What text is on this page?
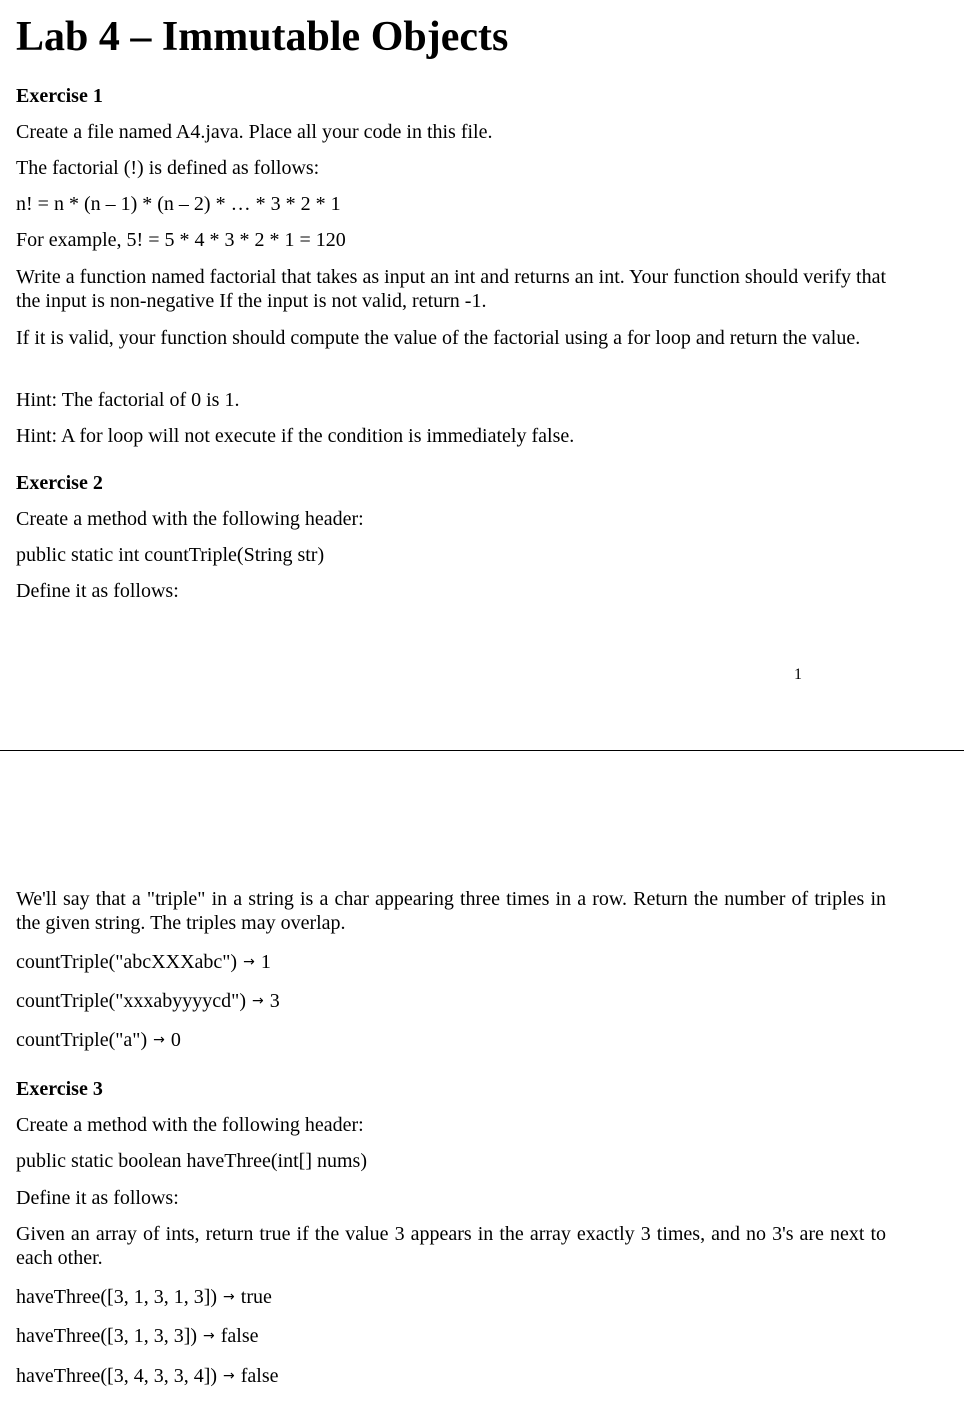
Lab 4 – Immutable Objects
Exercise 1
Create a file named A4.java. Place all your code in this file.
The factorial (!) is defined as follows:
n! = n * (n – 1) * (n – 2) * … * 3 * 2 * 1
For example, 5! = 5 * 4 * 3 * 2 * 1 = 120
Write a function named factorial that takes as input an int and returns an int. Your function should verify that the input is non-negative If the input is not valid, return -1.
If it is valid, your function should compute the value of the factorial using a for loop and return the value.
Hint: The factorial of 0 is 1.
Hint: A for loop will not execute if the condition is immediately false.
Exercise 2
Create a method with the following header:
public static int countTriple(String str)
Define it as follows:
1
We'll say that a "triple" in a string is a char appearing three times in a row. Return the number of triples in the given string. The triples may overlap.
countTriple("abcXXXabc") → 1
countTriple("xxxabyyyycd") → 3
countTriple("a") → 0
Exercise 3
Create a method with the following header:
public static boolean haveThree(int[] nums)
Define it as follows:
Given an array of ints, return true if the value 3 appears in the array exactly 3 times, and no 3's are next to each other.
haveThree([3, 1, 3, 1, 3]) → true
haveThree([3, 1, 3, 3]) → false
haveThree([3, 4, 3, 3, 4]) → false
